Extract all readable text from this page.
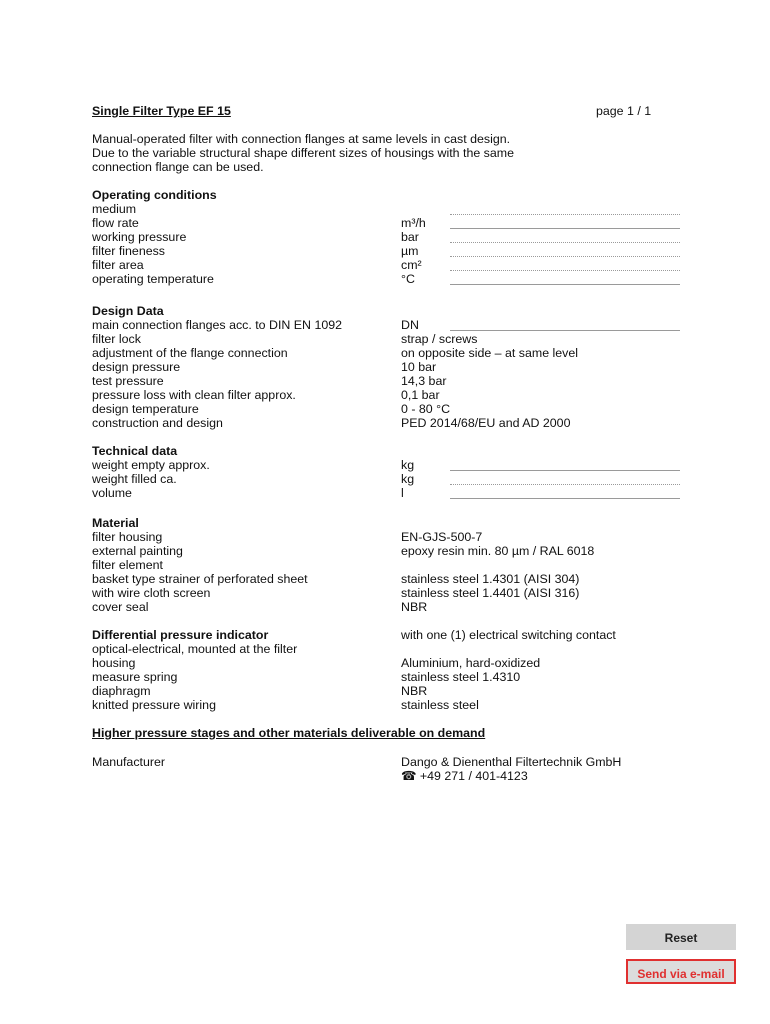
Single Filter Type EF 15	page 1 / 1
Manual-operated filter with connection flanges at same levels in cast design.
Due to the variable structural shape different sizes of housings with the same
connection flange can be used.
Operating conditions
medium
flow rate	m³/h
working pressure	bar
filter fineness	µm
filter area	cm²
operating temperature	°C
Design Data
main connection flanges acc. to DIN EN 1092	DN
filter lock	strap / screws
adjustment of the flange connection	on opposite side – at same level
design pressure	10 bar
test pressure	14,3 bar
pressure loss with clean filter approx.	0,1 bar
design temperature	0 - 80 °C
construction and design	PED 2014/68/EU and AD 2000
Technical data
weight empty approx.	kg
weight filled ca.	kg
volume	l
Material
filter housing	EN-GJS-500-7
external painting	epoxy resin min. 80 µm / RAL 6018
filter element
basket type strainer of perforated sheet	stainless steel 1.4301 (AISI 304)
with wire cloth screen	stainless steel 1.4401 (AISI 316)
cover seal	NBR
Differential pressure indicator	with one (1) electrical switching contact
optical-electrical, mounted at the filter
housing	Aluminium, hard-oxidized
measure spring	stainless steel 1.4310
diaphragm	NBR
knitted pressure wiring	stainless steel
Higher pressure stages and other materials deliverable on demand
Manufacturer	Dango & Dienenthal Filtertechnik GmbH
☎ +49 271 / 401-4123
Reset
Send via e-mail
